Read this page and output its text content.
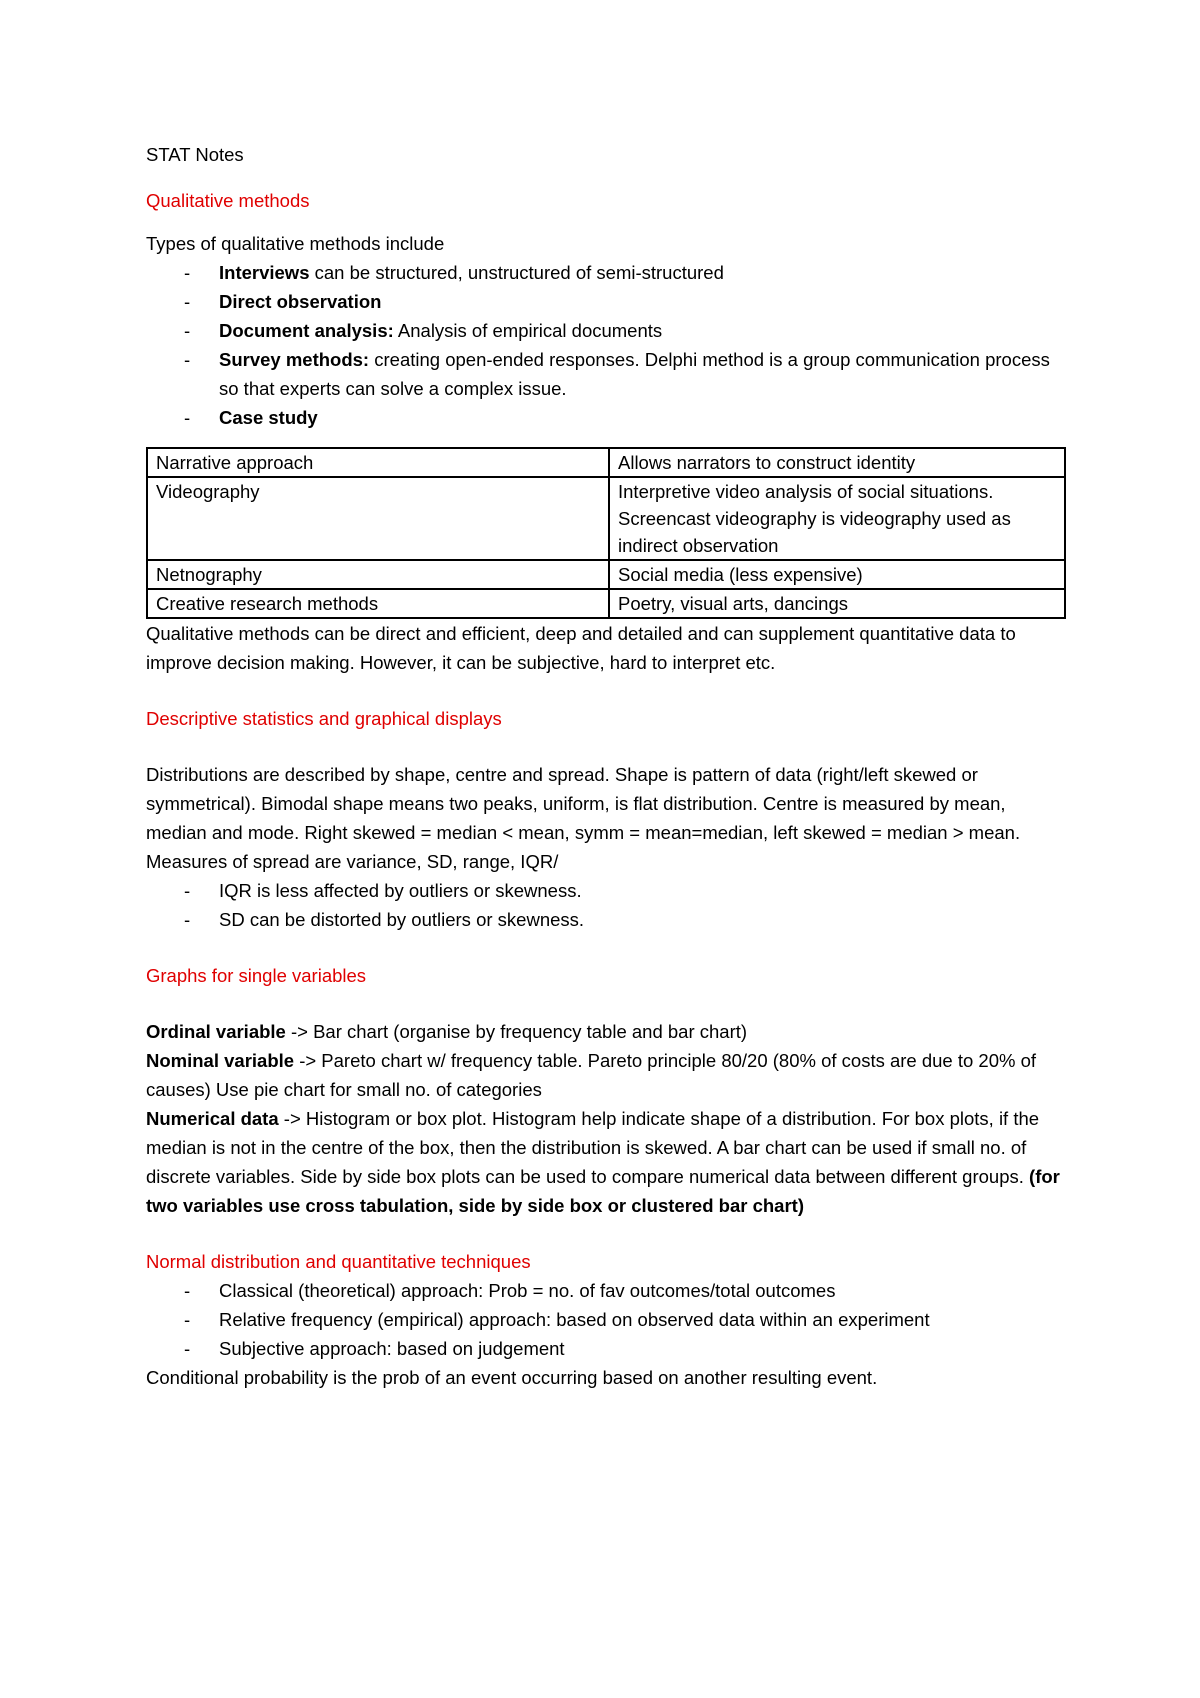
STAT Notes

Qualitative methods

Types of qualitative methods include

- Interviews can be structured, unstructured of semi-structured
- Direct observation
- Document analysis: Analysis of empirical documents
- Survey methods: creating open-ended responses. Delphi method is a group communication process so that experts can solve a complex issue.
- Case study
Narrative approach	Allows narrators to construct identity
Videography	Interpretive video analysis of social situations. Screencast videography is videography used as indirect observation
Netnography	Social media (less expensive)
Creative research methods	Poetry, visual arts, dancings

Qualitative methods can be direct and efficient, deep and detailed and can supplement quantitative data to improve decision making. However, it can be subjective, hard to interpret etc.

Descriptive statistics and graphical displays

Distributions are described by shape, centre and spread. Shape is pattern of data (right/left skewed or symmetrical). Bimodal shape means two peaks, uniform, is flat distribution. Centre is measured by mean, median and mode. Right skewed = median < mean, symm = mean=median, left skewed = median > mean. Measures of spread are variance, SD, range, IQR/

- IQR is less affected by outliers or skewness.
- SD can be distorted by outliers or skewness.

Graphs for single variables

Ordinal variable -> Bar chart (organise by frequency table and bar chart)

Nominal variable -> Pareto chart w/ frequency table. Pareto principle 80/20 (80% of costs are due to 20% of causes) Use pie chart for small no. of categories

Numerical data -> Histogram or box plot. Histogram help indicate shape of a distribution. For box plots, if the median is not in the centre of the box, then the distribution is skewed. A bar chart can be used if small no. of discrete variables. Side by side box plots can be used to compare numerical data between different groups. (for two variables use cross tabulation, side by side box or clustered bar chart)

Normal distribution and quantitative techniques

- Classical (theoretical) approach: Prob = no. of fav outcomes/total outcomes
- Relative frequency (empirical) approach: based on observed data within an experiment
- Subjective approach: based on judgement

Conditional probability is the prob of an event occurring based on another resulting event.
